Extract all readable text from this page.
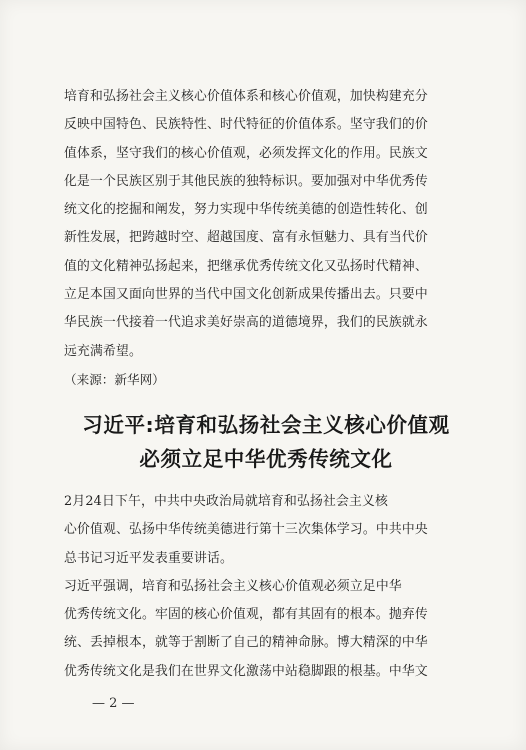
培育和弘扬社会主义核心价值体系和核心价值观，加快构建充分
反映中国特色、民族特性、时代特征的价值体系。坚守我们的价
值体系，坚守我们的核心价值观，必须发挥文化的作用。民族文
化是一个民族区别于其他民族的独特标识。要加强对中华优秀传
统文化的挖掘和阐发，努力实现中华传统美德的创造性转化、创
新性发展，把跨越时空、超越国度、富有永恒魅力、具有当代价
值的文化精神弘扬起来，把继承优秀传统文化又弘扬时代精神、
立足本国又面向世界的当代中国文化创新成果传播出去。只要中
华民族一代接着一代追求美好崇高的道德境界，我们的民族就永
远充满希望。

（来源：新华网）

习近平:培育和弘扬社会主义核心价值观
必须立足中华优秀传统文化

2月24日下午，中共中央政治局就培育和弘扬社会主义核
心价值观、弘扬中华传统美德进行第十三次集体学习。中共中央
总书记习近平发表重要讲话。

习近平强调，培育和弘扬社会主义核心价值观必须立足中华
优秀传统文化。牢固的核心价值观，都有其固有的根本。抛弃传
统、丢掉根本，就等于割断了自己的精神命脉。博大精深的中华
优秀传统文化是我们在世界文化激荡中站稳脚跟的根基。中华文

— 2 —
